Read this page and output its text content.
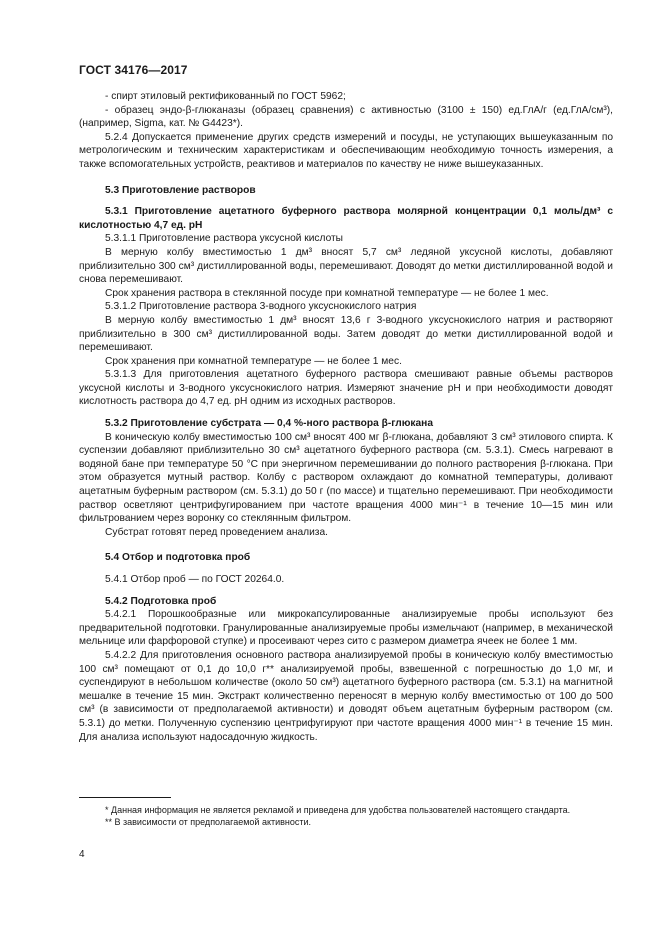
ГОСТ 34176—2017

- спирт этиловый ректификованный по ГОСТ 5962;

- образец эндо-β-глюканазы (образец сравнения) с активностью (3100 ± 150) ед.ГлА/г (ед.ГлА/см³), (например, Sigma, кат. № G4423*).

5.2.4 Допускается применение других средств измерений и посуды, не уступающих вышеуказанным по метрологическим и техническим характеристикам и обеспечивающим необходимую точность измерения, а также вспомогательных устройств, реактивов и материалов по качеству не ниже вышеуказанных.

5.3 Приготовление растворов

5.3.1 Приготовление ацетатного буферного раствора молярной концентрации 0,1 моль/дм³ с кислотностью 4,7 ед. pH

5.3.1.1 Приготовление раствора уксусной кислоты

В мерную колбу вместимостью 1 дм³ вносят 5,7 см³ ледяной уксусной кислоты, добавляют приблизительно 300 см³ дистиллированной воды, перемешивают. Доводят до метки дистиллированной водой и снова перемешивают.

Срок хранения раствора в стеклянной посуде при комнатной температуре — не более 1 мес.

5.3.1.2 Приготовление раствора 3-водного уксуснокислого натрия

В мерную колбу вместимостью 1 дм³ вносят 13,6 г 3-водного уксуснокислого натрия и растворяют приблизительно в 300 см³ дистиллированной воды. Затем доводят до метки дистиллированной водой и перемешивают.

Срок хранения при комнатной температуре — не более 1 мес.

5.3.1.3 Для приготовления ацетатного буферного раствора смешивают равные объемы растворов уксусной кислоты и 3-водного уксуснокислого натрия. Измеряют значение pH и при необходимости доводят кислотность раствора до 4,7 ед. pH одним из исходных растворов.

5.3.2 Приготовление субстрата — 0,4 %-ного раствора β-глюкана

В коническую колбу вместимостью 100 см³ вносят 400 мг β-глюкана, добавляют 3 см³ этилового спирта. К суспензии добавляют приблизительно 30 см³ ацетатного буферного раствора (см. 5.3.1). Смесь нагревают в водяной бане при температуре 50 °C при энергичном перемешивании до полного растворения β-глюкана. При этом образуется мутный раствор. Колбу с раствором охлаждают до комнатной температуры, доливают ацетатным буферным раствором (см. 5.3.1) до 50 г (по массе) и тщательно перемешивают. При необходимости раствор осветляют центрифугированием при частоте вращения 4000 мин⁻¹ в течение 10—15 мин или фильтрованием через воронку со стеклянным фильтром.

Субстрат готовят перед проведением анализа.

5.4 Отбор и подготовка проб

5.4.1 Отбор проб — по ГОСТ 20264.0.

5.4.2 Подготовка проб

5.4.2.1 Порошкообразные или микрокапсулированные анализируемые пробы используют без предварительной подготовки. Гранулированные анализируемые пробы измельчают (например, в механической мельнице или фарфоровой ступке) и просеивают через сито с размером диаметра ячеек не более 1 мм.

5.4.2.2 Для приготовления основного раствора анализируемой пробы в коническую колбу вместимостью 100 см³ помещают от 0,1 до 10,0 г** анализируемой пробы, взвешенной с погрешностью до 1,0 мг, и суспендируют в небольшом количестве (около 50 см³) ацетатного буферного раствора (см. 5.3.1) на магнитной мешалке в течение 15 мин. Экстракт количественно переносят в мерную колбу вместимостью от 100 до 500 см³ (в зависимости от предполагаемой активности) и доводят объем ацетатным буферным раствором (см. 5.3.1) до метки. Полученную суспензию центрифугируют при частоте вращения 4000 мин⁻¹ в течение 15 мин. Для анализа используют надосадочную жидкость.

* Данная информация не является рекламой и приведена для удобства пользователей настоящего стандарта.

** В зависимости от предполагаемой активности.

4
